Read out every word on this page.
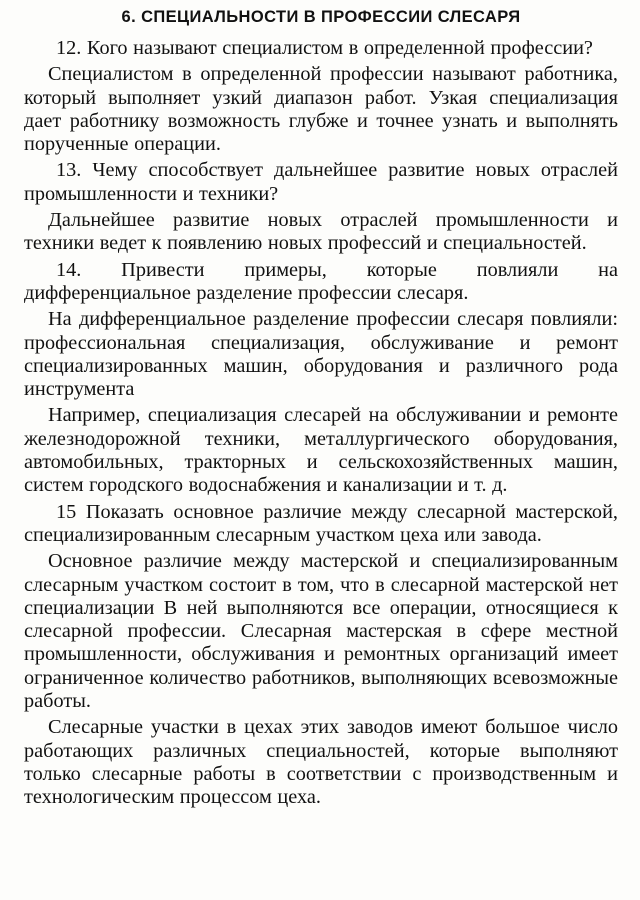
6. СПЕЦИАЛЬНОСТИ В ПРОФЕССИИ СЛЕСАРЯ

12. Кого называют специалистом в определенной профессии?

Специалистом в определенной профессии называют работника, который выполняет узкий диапазон работ. Узкая специализация дает работнику возможность глубже и точнее узнать и выполнять порученные операции.

13. Чему способствует дальнейшее развитие новых отраслей промышленности и техники?

Дальнейшее развитие новых отраслей промышленности и техники ведет к появлению новых профессий и специальностей.

14. Привести примеры, которые повлияли на дифференциальное разделение профессии слесаря.

На дифференциальное разделение профессии слесаря повлияли: профессиональная специализация, обслуживание и ремонт специализированных машин, оборудования и различного рода инструмента

Например, специализация слесарей на обслуживании и ремонте железнодорожной техники, металлургического оборудования, автомобильных, тракторных и сельскохозяйственных машин, систем городского водоснабжения и канализации и т. д.

15 Показать основное различие между слесарной мастерской, специализированным слесарным участком цеха или завода.

Основное различие между мастерской и специализированным слесарным участком состоит в том, что в слесарной мастерской нет специализации В ней выполняются все операции, относящиеся к слесарной профессии. Слесарная мастерская в сфере местной промышленности, обслуживания и ремонтных организаций имеет ограниченное количество работников, выполняющих всевозможные работы.

Слесарные участки в цехах этих заводов имеют большое число работающих различных специальностей, которые выполняют только слесарные работы в соответствии с производственным и технологическим процессом цеха.
